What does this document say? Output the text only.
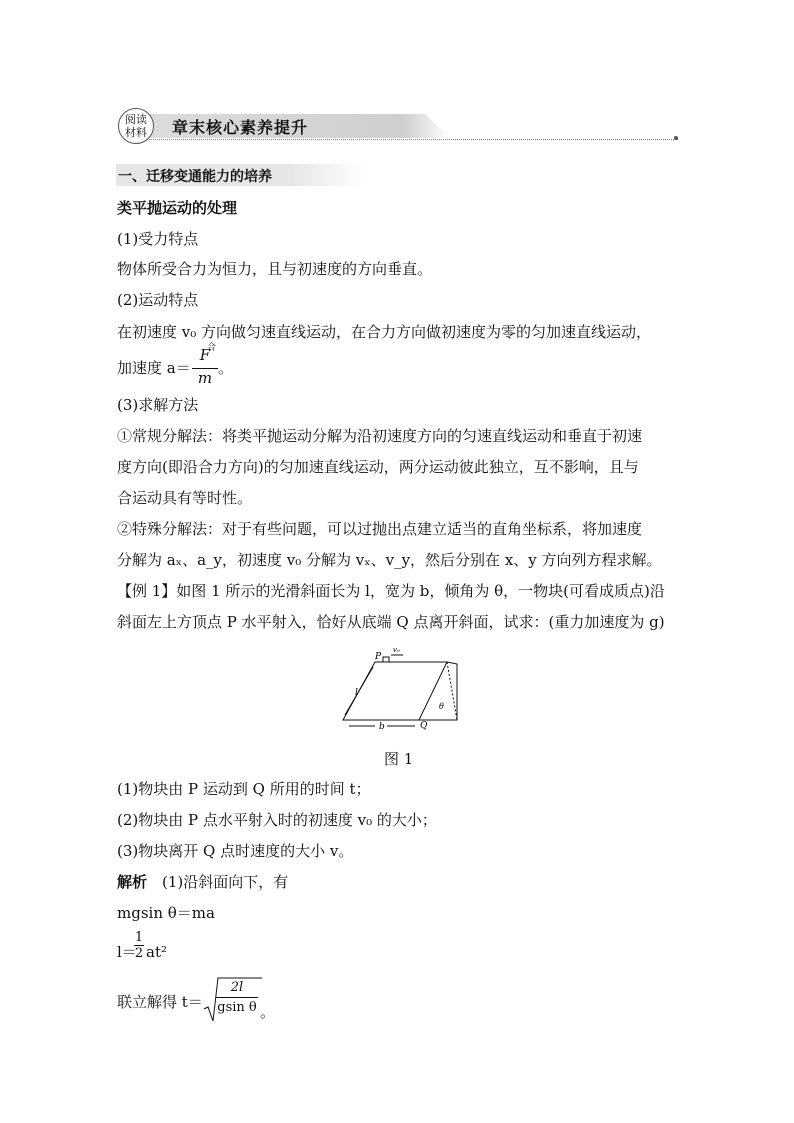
阅读
材料	章末核心素养提升
一、迁移变通能力的培养
类平抛运动的处理
(1)受力特点
物体所受合力为恒力，且与初速度的方向垂直。
(2)运动特点
在初速度 v₀ 方向做匀速直线运动，在合力方向做初速度为零的匀加速直线运动，
加速度 a＝
F
合
m
。
(3)求解方法
①常规分解法：将类平抛运动分解为沿初速度方向的匀速直线运动和垂直于初速
度方向(即沿合力方向)的匀加速直线运动，两分运动彼此独立，互不影响，且与
合运动具有等时性。
②特殊分解法：对于有些问题，可以过抛出点建立适当的直角坐标系，将加速度
分解为 aₓ、a_y，初速度 v₀ 分解为 vₓ、v_y，然后分别在 x、y 方向列方程求解。
【例 1】如图 1 所示的光滑斜面长为 l，宽为 b，倾角为 θ，一物块(可看成质点)沿
斜面左上方顶点 P 水平射入，恰好从底端 Q 点离开斜面，试求：(重力加速度为 g)
P
v₀
l
b	Q
θ
图 1
(1)物块由 P 运动到 Q 所用的时间 t；
(2)物块由 P 点水平射入时的初速度 v₀ 的大小；
(3)物块离开 Q 点时速度的大小 v。
解析 (1)沿斜面向下，有
mgsin θ＝ma
l＝
1
2 at²
联立解得 t＝
2l
gsin θ 。
